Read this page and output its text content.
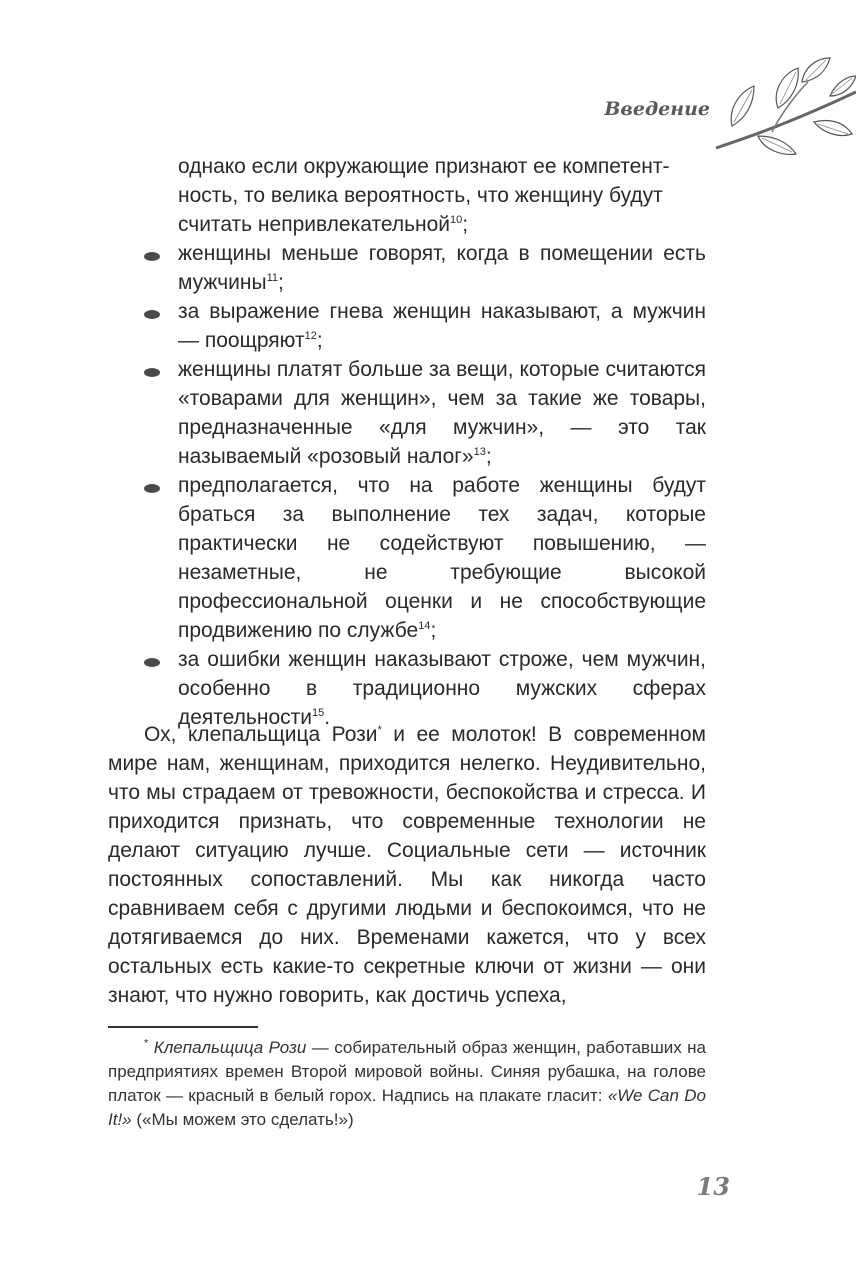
Введение

однако если окружающие признают ее компетент-

ность, то велика вероятность, что женщину будут

считать непривлекательной$^{10}$;

женщины меньше говорят, когда в помещении есть мужчины$^{11}$;
за выражение гнева женщин наказывают, а мужчин — поощряют$^{12}$;
женщины платят больше за вещи, которые считаются «товарами для женщин», чем за такие же товары, предназначенные «для мужчин», — это так называемый «розовый налог»$^{13}$;
предполагается, что на работе женщины будут браться за выполнение тех задач, которые практически не содействуют повышению, — незаметные, не требующие высокой профессиональной оценки и не способствующие продвижению по службе$^{14}$;
за ошибки женщин наказывают строже, чем мужчин, особенно в традиционно мужских сферах деятельности$^{15}$.

Ох, клепальщица Рози* и ее молоток! В современном мире нам, женщинам, приходится нелегко. Неудивительно, что мы страдаем от тревожности, беспокойства и стресса. И приходится признать, что современные технологии не делают ситуацию лучше. Социальные сети — источник постоянных сопоставлений. Мы как никогда часто сравниваем себя с другими людьми и беспокоимся, что не дотягиваемся до них. Временами кажется, что у всех остальных есть какие-то секретные ключи от жизни — они знают, что нужно говорить, как достичь успеха,

* Клепальщица Рози — собирательный образ женщин, работавших на предприятиях времен Второй мировой войны. Синяя рубашка, на голове платок — красный в белый горох. Надпись на плакате гласит: «We Can Do It!» («Мы можем это сделать!»)

13
